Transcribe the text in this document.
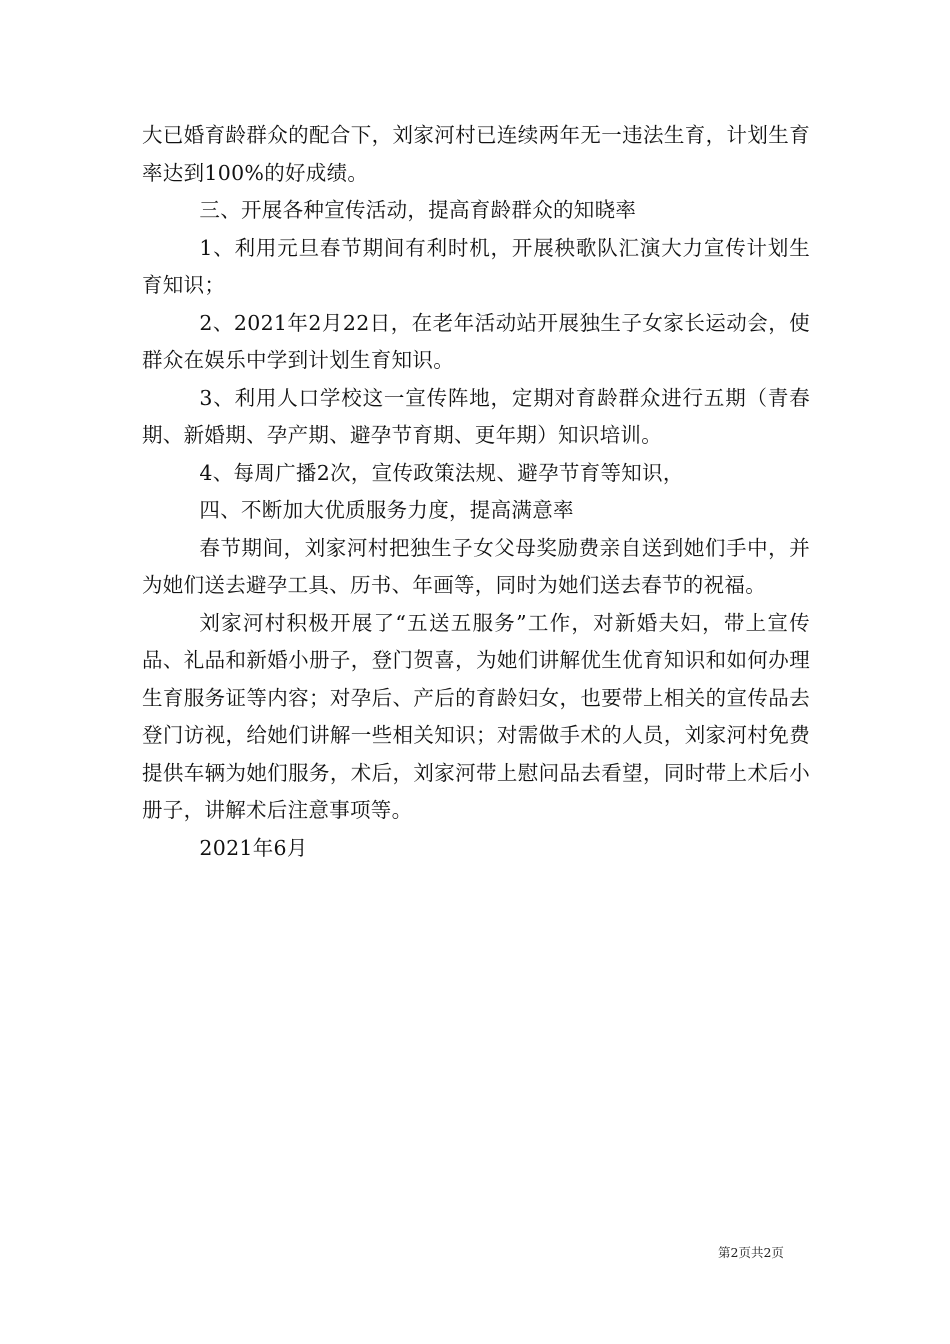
大已婚育龄群众的配合下，刘家河村已连续两年无一违法生育，计划生育率达到100%的好成绩。

三、开展各种宣传活动，提高育龄群众的知晓率

1、利用元旦春节期间有利时机，开展秧歌队汇演大力宣传计划生育知识；

2、2021年2月22日，在老年活动站开展独生子女家长运动会，使群众在娱乐中学到计划生育知识。

3、利用人口学校这一宣传阵地，定期对育龄群众进行五期（青春期、新婚期、孕产期、避孕节育期、更年期）知识培训。

4、每周广播2次，宣传政策法规、避孕节育等知识，

四、不断加大优质服务力度，提高满意率

春节期间，刘家河村把独生子女父母奖励费亲自送到她们手中，并为她们送去避孕工具、历书、年画等，同时为她们送去春节的祝福。

刘家河村积极开展了“五送五服务”工作，对新婚夫妇，带上宣传品、礼品和新婚小册子，登门贺喜，为她们讲解优生优育知识和如何办理生育服务证等内容；对孕后、产后的育龄妇女，也要带上相关的宣传品去登门访视，给她们讲解一些相关知识；对需做手术的人员，刘家河村免费提供车辆为她们服务，术后，刘家河带上慰问品去看望，同时带上术后小册子，讲解术后注意事项等。

2021年6月

第2页共2页
